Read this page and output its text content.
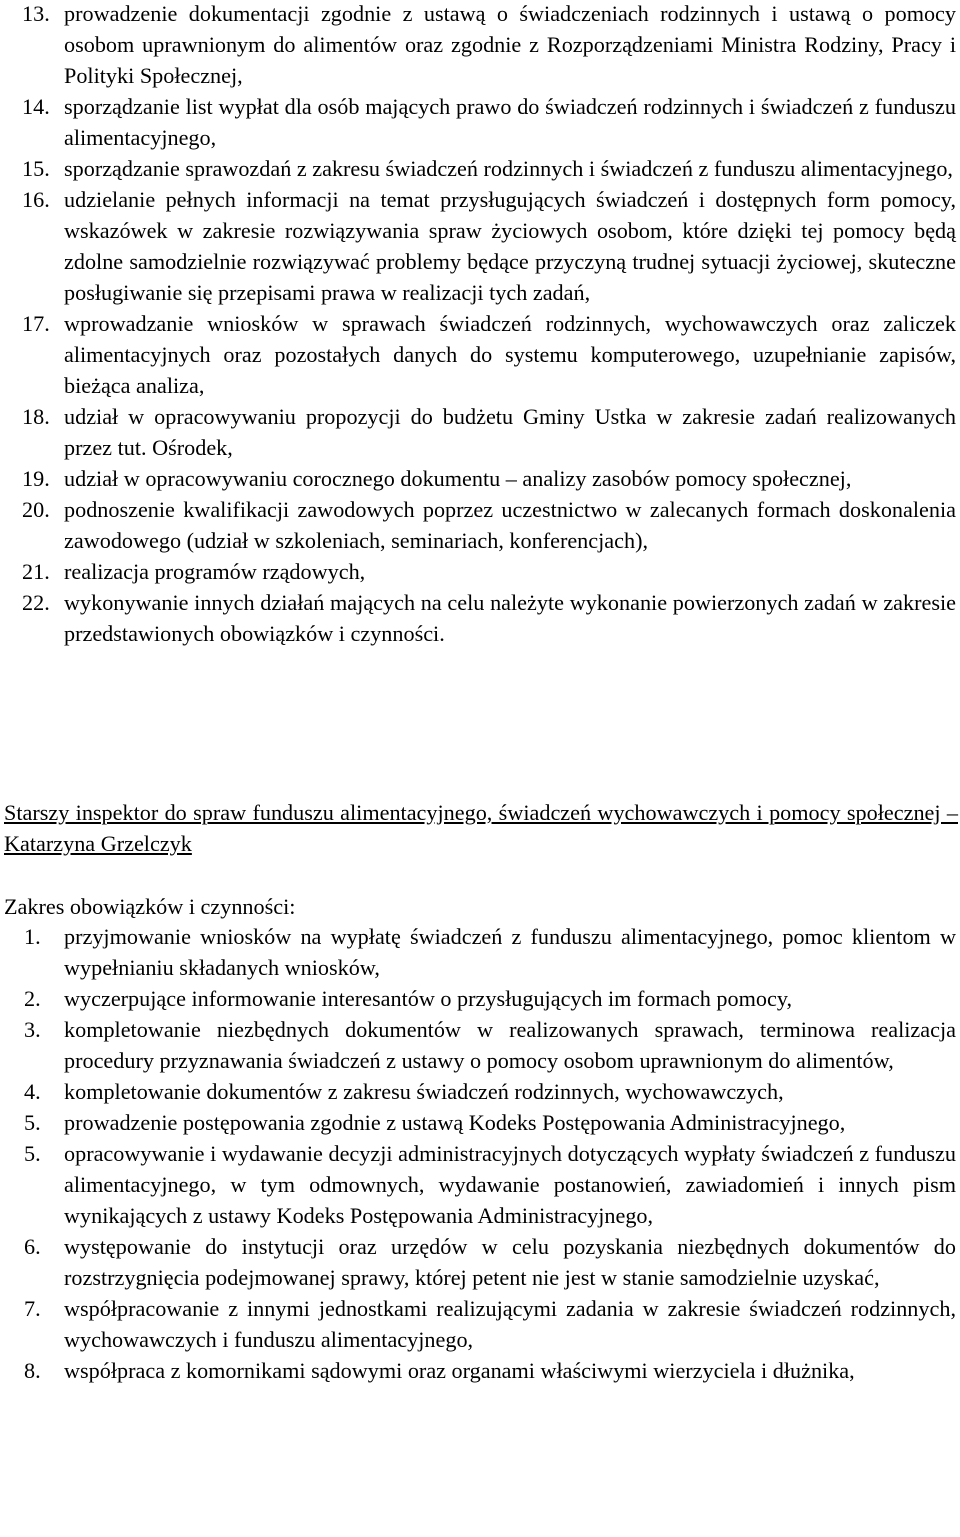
13. prowadzenie dokumentacji zgodnie z ustawą o świadczeniach rodzinnych i ustawą o pomocy osobom uprawnionym do alimentów oraz zgodnie z Rozporządzeniami Ministra Rodziny, Pracy i Polityki Społecznej,
14. sporządzanie list wypłat dla osób mających prawo do świadczeń rodzinnych i świadczeń z funduszu alimentacyjnego,
15. sporządzanie sprawozdań z zakresu świadczeń rodzinnych i świadczeń z funduszu alimentacyjnego,
16. udzielanie pełnych informacji na temat przysługujących świadczeń i dostępnych form pomocy, wskazówek w zakresie rozwiązywania spraw życiowych osobom, które dzięki tej pomocy będą zdolne samodzielnie rozwiązywać problemy będące przyczyną trudnej sytuacji życiowej, skuteczne posługiwanie się przepisami prawa w realizacji tych zadań,
17. wprowadzanie wniosków w sprawach świadczeń rodzinnych, wychowawczych oraz zaliczek alimentacyjnych oraz pozostałych danych do systemu komputerowego, uzupełnianie zapisów, bieżąca analiza,
18. udział w opracowywaniu propozycji do budżetu Gminy Ustka w zakresie zadań realizowanych przez tut. Ośrodek,
19. udział w opracowywaniu corocznego dokumentu – analizy zasobów pomocy społecznej,
20. podnoszenie kwalifikacji zawodowych poprzez uczestnictwo w zalecanych formach doskonalenia zawodowego (udział w szkoleniach, seminariach, konferencjach),
21. realizacja programów rządowych,
22. wykonywanie innych działań mających na celu należyte wykonanie powierzonych zadań w zakresie przedstawionych obowiązków i czynności.
Starszy inspektor do spraw funduszu alimentacyjnego, świadczeń wychowawczych i pomocy społecznej – Katarzyna Grzelczyk
Zakres obowiązków i czynności:
1. przyjmowanie wniosków na wypłatę świadczeń z funduszu alimentacyjnego, pomoc klientom w wypełnianiu składanych wniosków,
2. wyczerpujące informowanie interesantów o przysługujących im formach pomocy,
3. kompletowanie niezbędnych dokumentów w realizowanych sprawach, terminowa realizacja procedury przyznawania świadczeń z ustawy o pomocy osobom uprawnionym do alimentów,
4. kompletowanie dokumentów z zakresu świadczeń rodzinnych, wychowawczych,
5. prowadzenie postępowania zgodnie z ustawą Kodeks Postępowania Administracyjnego,
5. opracowywanie i wydawanie decyzji administracyjnych dotyczących wypłaty świadczeń z funduszu alimentacyjnego, w tym odmownych, wydawanie postanowień, zawiadomień i innych pism wynikających z ustawy Kodeks Postępowania Administracyjnego,
6. występowanie do instytucji oraz urzędów w celu pozyskania niezbędnych dokumentów do rozstrzygnięcia podejmowanej sprawy, której petent nie jest w stanie samodzielnie uzyskać,
7. współpracowanie z innymi jednostkami realizującymi zadania w zakresie świadczeń rodzinnych, wychowawczych i funduszu alimentacyjnego,
8. współpraca z komornikami sądowymi oraz organami właściwymi wierzyciela i dłużnika,
